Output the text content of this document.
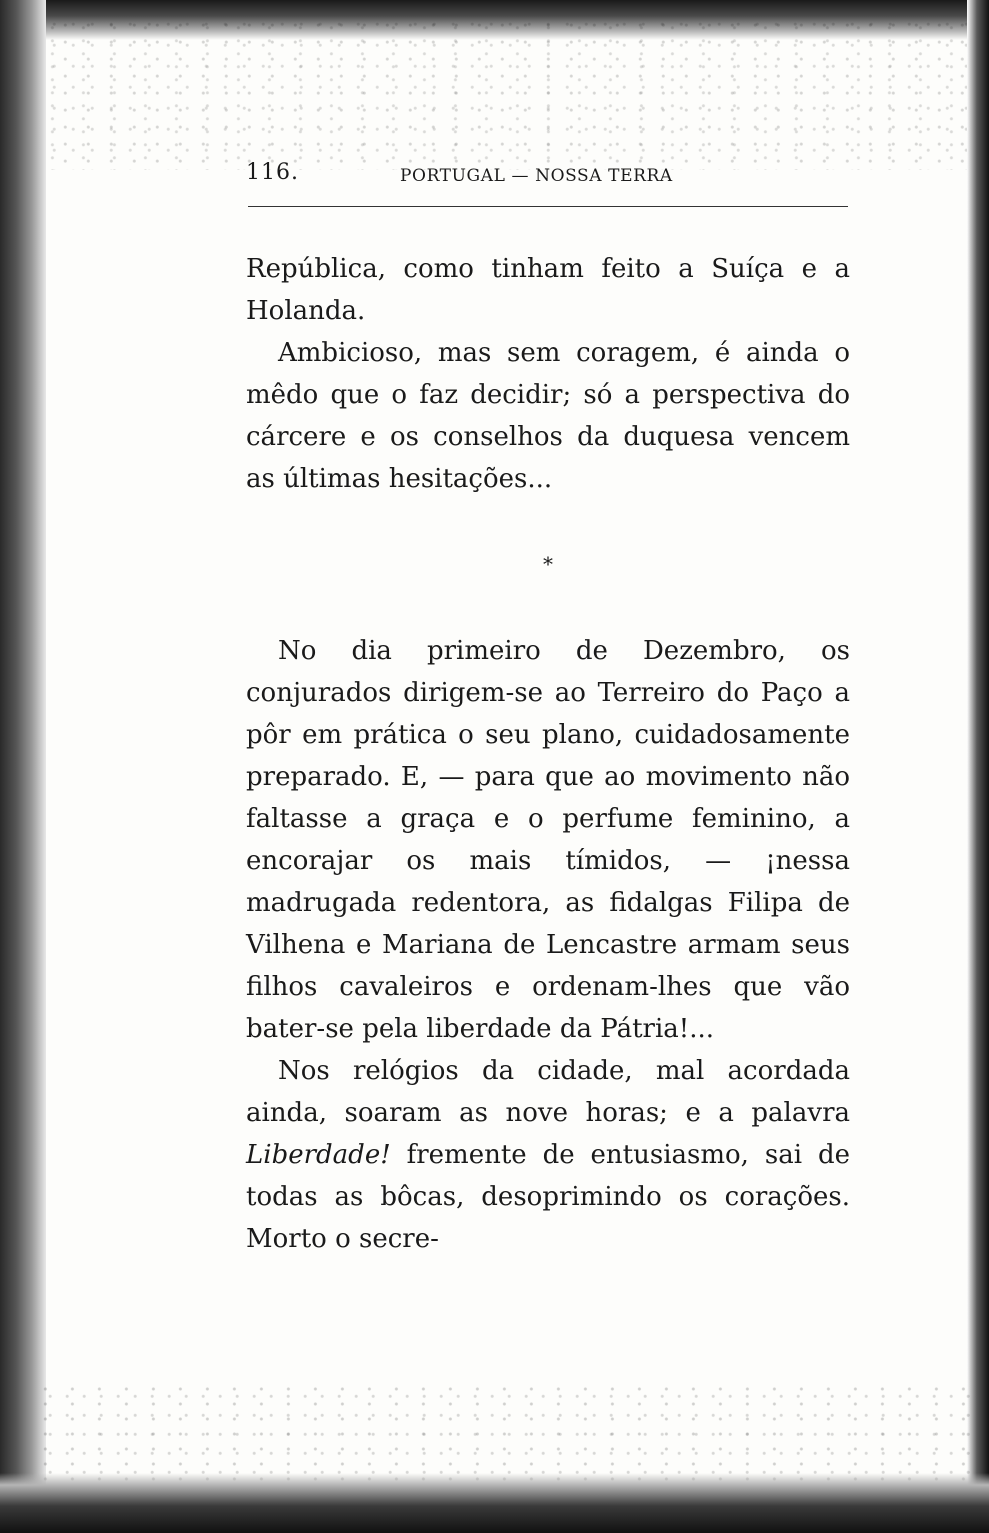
116.	PORTUGAL — NOSSA TERRA

República, como tinham feito a Suíça e a Holanda.

Ambicioso, mas sem coragem, é ainda o mêdo que o faz decidir; só a perspectiva do cárcere e os conselhos da duquesa vencem as últimas hesitações...

*

No dia primeiro de Dezembro, os conjurados dirigem-se ao Terreiro do Paço a pôr em prática o seu plano, cuidadosamente preparado. E, — para que ao movimento não faltasse a graça e o perfume feminino, a encorajar os mais tímidos, — ¡nessa madrugada redentora, as fidalgas Filipa de Vilhena e Mariana de Lencastre armam seus filhos cavaleiros e ordenam-lhes que vão bater-se pela liberdade da Pátria!...

Nos relógios da cidade, mal acordada ainda, soaram as nove horas; e a palavra Liberdade! fremente de entusiasmo, sai de todas as bôcas, desoprimindo os corações. Morto o secre-
